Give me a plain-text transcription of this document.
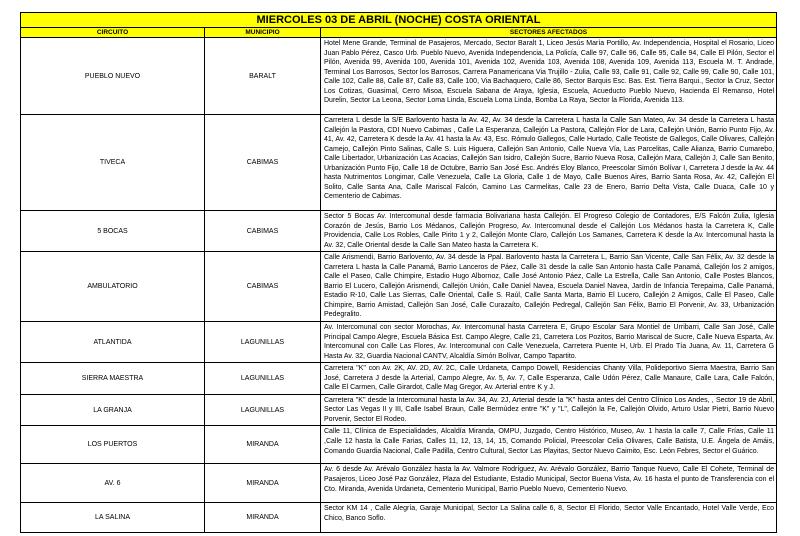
MIERCOLES 03 DE ABRIL (NOCHE) COSTA ORIENTAL		
CIRCUITO	MUNICIPIO	SECTORES AFECTADOS
PUEBLO NUEVO	BARALT	Hotel Mene Grande, Terminal de Pasajeros, Mercado, Sector Baralt 1, Liceo Jesús María Portillo, Av. Independencia, Hospital el Rosario, Liceo Juan Pablo Pérez, Casco Urb. Pueblo Nuevo, Avenida Independencia, La Policía, Calle 97, Calle 96, Calle 95, Calle 94, Calle El Pilón, Sector el Pilón, Avenida 99, Avenida 100, Avenida 101, Avenida 102, Avenida 103, Avenida 108, Avenida 109, Avenida 113, Escuela M. T. Andrade, Terminal Los Barrosos, Sector los Barrosos, Carrera Panamericana Via Trujillo - Zulia, Calle 93, Calle 91, Calle 92, Calle 99, Calle 90, Calle 101, Calle 102, Calle 88, Calle 87, Calle 83, Calle 100, Via Bachaquero, Calle 86, Sector Barquis Esc. Bas. Est. Tierra Barqui., Sector la Cruz, Sector Los Cotizas, Guasimal, Cerro Misoa, Escuela Sabana de Araya, Iglesia, Escuela, Acueducto Pueblo Nuevo, Hacienda El Remanso, Hotel Durelin, Sector La Leona, Sector Loma Linda, Escuela Loma Linda, Bomba La Raya, Sector la Florida, Avenida 113.
TIVECA	CABIMAS	Carretera L desde la S/E Barlovento hasta la Av. 42, Av. 34 desde la Carretera L hasta la Calle San Mateo, Av. 34 desde la Carretera L hasta Callejón la Pastora, CDI Nuevo Cabimas , Calle La Esperanza, Callejón La Pastora, Callejón Flor de Lara, Callejón Unión, Barrio Punto Fijo, Av. 41, Av. 42, Carretera K desde la Av. 41 hasta la Av. 43, Esc. Rómulo Gallegos, Calle Hurtado, Calle Teotiste de Gallegos, Calle Olivares, Callejón Camejo, Callejón Pinto Salinas, Calle S. Luis Higuera, Callejón San Antonio, Calle Nueva Vía, Las Parcelitas, Calle Alianza, Barrio Cumarebo, Calle Libertador, Urbanización Las Acacias, Callejón San Isidro, Callejón Sucre, Barrio Nueva Rosa, Callejón Mara, Callejón J, Calle San Benito, Urbanización Punto Fijo, Calle 18 de Octubre, Barrio San José Esc. Andrés Eloy Blanco, Preescolar Simón Bolívar I, Carretera J desde la Av. 44 hasta Nutrimentos Longimar, Calle Venezuela, Calle La Gloria, Calle 1 de Mayo, Calle Buenos Aires, Barrio Santa Rosa, Av. 42, Callejón El Solito, Calle Santa Ana, Calle Mariscal Falcón, Camino Las Carmelitas, Calle 23 de Enero, Barrio Delta Vista, Calle Duaca, Calle 10 y Cementerio de Cabimas.
5 BOCAS	CABIMAS	Sector 5 Bocas Av. Intercomunal desde farmacia Bolivariana hasta Callejón. El Progreso Colegio de Contadores, E/S Falcón Zulia, Iglesia Corazón de Jesús, Barrio Los Médanos, Callejón Progreso, Av. Intercomunal desde el Callejón Los Médanos hasta la Carretera K, Calle Providencia, Calle Los Robles, Calle Pirito 1 y 2, Callejón Monte Claro, Callejón Los Samanes, Carretera K desde la Av. Intercomunal hasta la Av. 32, Calle Oriental desde la Calle San Mateo hasta la Carretera K.
AMBULATORIO	CABIMAS	Calle Arismendi, Barrio Barlovento, Av. 34 desde la Ppal. Barlovento hasta la Carretera L, Barrio San Vicente, Calle San Félix, Av. 32 desde la Carretera L hasta la Calle Panamá, Barrio Lanceros de Páez, Calle 31 desde la calle San Antonio hasta Calle Panamá, Callejón los 2 amigos, Calle el Paseo, Calle Chimpire, Estadio Hugo Albornoz, Calle José Antonio Páez, Calle La Estrella, Calle San Antonio, Calle Postes Blancos, Barrio El Lucero, Callejón Arismendi, Callejón Unión, Calle Daniel Navea, Escuela Daniel Navea, Jardín de Infancia Terepaima, Calle Panamá, Estadio R-10, Calle Las Sierras, Calle Oriental, Calle S. Raúl, Calle Santa Marta, Barrio El Lucero, Callejón 2 Amigos, Calle El Paseo, Calle Chimpire, Barrio Amistad, Callejón San José, Calle Curazaíto, Callejón Pedregal, Callejón San Félix, Barrio El Porvenir, Av. 33, Urbanización Pedegralito.
ATLANTIDA	LAGUNILLAS	Av. Intercomunal con sector Morochas, Av. Intercomunal hasta Carretera E, Grupo Escolar Sara Montiel de Urribarri, Calle San José, Calle Principal Campo Alegre, Escuela Básica Est. Campo Alegre, Calle 21, Carretera Los Pozitos, Barrio Mariscal de Sucre, Calle Nueva Esparta, Av. Intercomunal con Calle Las Flores, Av. Intercomunal con Calle Venezuela, Carretera Puente H, Urb. El Prado Tía Juana, Av. 11, Carretera G Hasta Av. 32, Guardia Nacional CANTV, Alcaldía Simón Bolívar, Campo Tapartito.
SIERRA MAESTRA	LAGUNILLAS	Carretera "K" con Av. 2K, AV. 2D, AV. 2C, Calle Urdaneta, Campo Dowell, Residencias Chanty Villa, Polideportivo Sierra Maestra, Barrio San José, Carretera J desde la Arterial, Campo Alegre, Av. 5, Av. 7, Calle Esperanza, Calle Udón Pérez, Calle Manaure, Calle Lara, Calle Falcón, Calle El Carmen, Calle Girardot, Calle Mag Gregor, Av. Arterial entre K y J.
LA GRANJA	LAGUNILLAS	Carretera "K" desde la Intercomunal hasta la Av. 34, Av. 2J, Arterial desde la "K" hasta antes del Centro Clínico Los Andes, , Sector 19 de Abril, Sector Las Vegas II y III, Calle Isabel Braun, Calle Bermúdez entre "K" y "L", Callejón la Fe, Callejón Olvido, Arturo Uslar Pietri, Barrio Nuevo Porvenir, Sector El Rodeo.
LOS PUERTOS	MIRANDA	Calle 11, Clínica de Especialidades, Alcaldía Miranda, OMPU, Juzgado, Centro Histórico, Museo, Av. 1 hasta la calle 7, Calle Frías, Calle 11 ,Calle 12 hasta la Calle Farias, Calles 11, 12, 13, 14, 15, Comando Policial, Preescolar Celia Olivares, Calle Batista, U.E. Ángela de Amáis, Comando Guardia Nacional, Calle Padilla, Centro Cultural, Sector Las Playitas, Sector Nuevo Caimito, Esc. León Febres, Sector el Guárico.
AV. 6	MIRANDA	Av. 6 desde Av. Arévalo González hasta la Av. Valmore Rodríguez, Av. Arévalo González, Barrio Tanque Nuevo, Calle El Cohete, Terminal de Pasajeros, Liceo José Paz González, Plaza del Estudiante, Estadio Municipal, Sector Buena Vista, Av. 16 hasta el punto de Transferencia con el Cto. Miranda, Avenida Urdaneta, Cementerio Municipal, Barrio Pueblo Nuevo, Cementerio Nuevo.
LA SALINA	MIRANDA	Sector KM 14 , Calle Alegría, Garaje Municipal, Sector La Salina calle 6, 8, Sector El Florido, Sector Valle Encantado, Hotel Valle Verde, Eco Chico, Banco Soflo.
